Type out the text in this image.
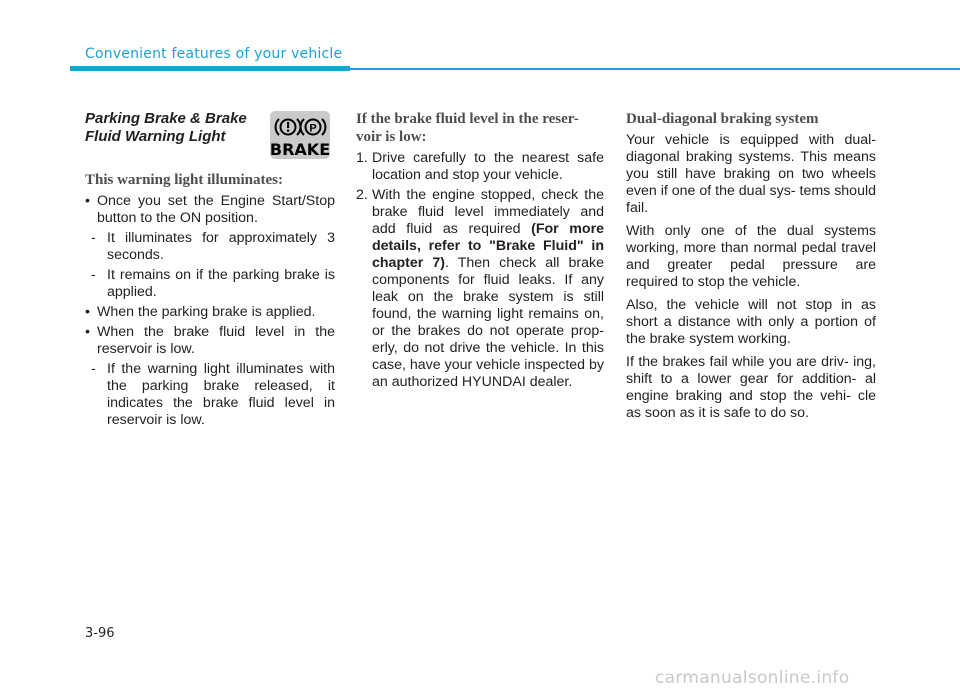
Convenient features of your vehicle
Parking Brake & Brake Fluid Warning Light
This warning light illuminates:
• Once you set the Engine Start/Stop button to the ON position.
- It illuminates for approximately 3 seconds.
- It remains on if the parking brake is applied.
• When the parking brake is applied.
• When the brake fluid level in the reservoir is low.
- If the warning light illuminates with the parking brake released, it indicates the brake fluid level in reservoir is low.
P
BRAKE
If the brake fluid level in the reser- voir is low:
1. Drive carefully to the nearest safe location and stop your vehicle.
2. With the engine stopped, check the brake fluid level immediately and add fluid as required (For more details, refer to "Brake Fluid" in chapter 7). Then check all brake components for fluid leaks. If any leak on the brake system is still found, the warning light remains on, or the brakes do not operate prop- erly, do not drive the vehicle. In this case, have your vehicle inspected by an authorized HYUNDAI dealer.
Dual-diagonal braking system

Your vehicle is equipped with dual- diagonal braking systems. This means you still have braking on two wheels even if one of the dual sys- tems should fail.

With only one of the dual systems working, more than normal pedal travel and greater pedal pressure are required to stop the vehicle.

Also, the vehicle will not stop in as short a distance with only a portion of the brake system working.

If the brakes fail while you are driv- ing, shift to a lower gear for addition- al engine braking and stop the vehi- cle as soon as it is safe to do so.

3-96
carmanualsonline.info
